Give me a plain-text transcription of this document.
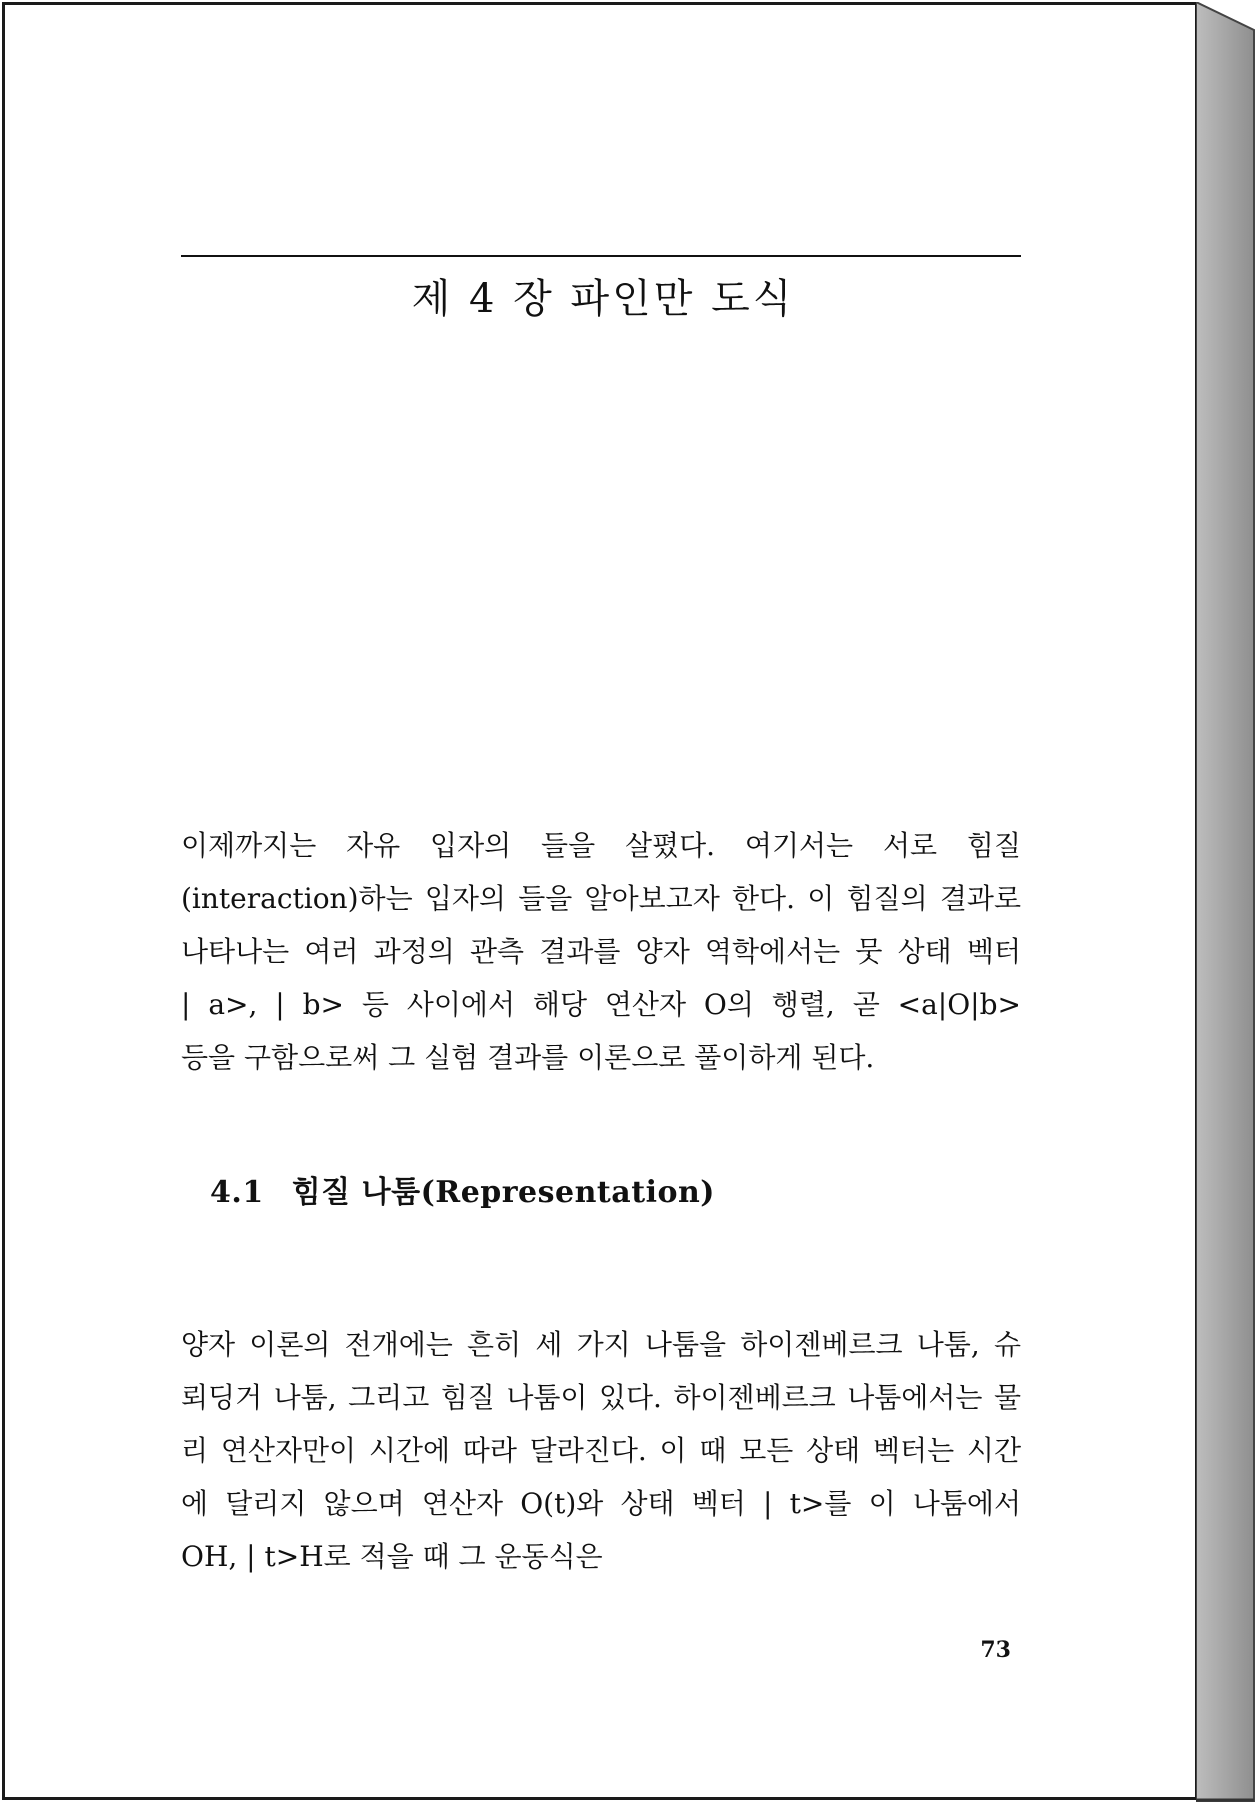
제 4 장 파인만 도식
이제까지는 자유 입자의 들을 살폈다. 여기서는 서로 힘질
(interaction)하는 입자의 들을 알아보고자 한다. 이 힘질의 결과로
나타나는 여러 과정의 관측 결과를 양자 역학에서는 뭇 상태 벡터
| a>, | b> 등 사이에서 해당 연산자 O의 행렬, 곧 <a|O|b>
등을 구함으로써 그 실험 결과를 이론으로 풀이하게 된다.
4.1 힘질 나툼(Representation)
양자 이론의 전개에는 흔히 세 가지 나툼을 하이젠베르크 나툼, 슈
뢰딩거 나툼, 그리고 힘질 나툼이 있다. 하이젠베르크 나툼에서는 물
리 연산자만이 시간에 따라 달라진다. 이 때 모든 상태 벡터는 시간
에 달리지 않으며 연산자 O(t)와 상태 벡터 | t>를 이 나툼에서
OH, | t>H로 적을 때 그 운동식은
73
